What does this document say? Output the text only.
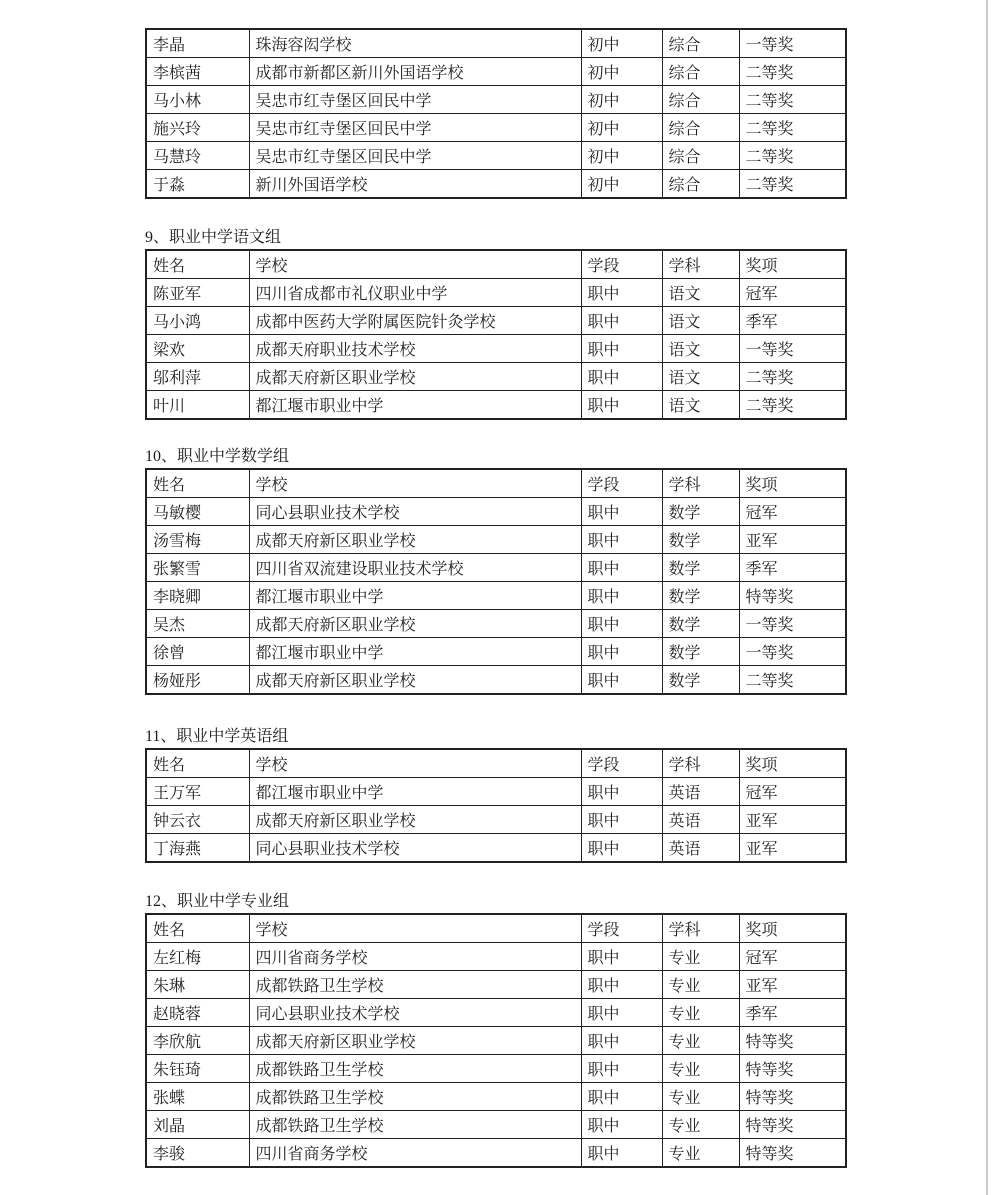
李晶	珠海容闳学校	初中	综合	一等奖
李槟茜	成都市新都区新川外国语学校	初中	综合	二等奖
马小林	吴忠市红寺堡区回民中学	初中	综合	二等奖
施兴玲	吴忠市红寺堡区回民中学	初中	综合	二等奖
马慧玲	吴忠市红寺堡区回民中学	初中	综合	二等奖
于淼	新川外国语学校	初中	综合	二等奖
9、职业中学语文组
姓名	学校	学段	学科	奖项
陈亚军	四川省成都市礼仪职业中学	职中	语文	冠军
马小鸿	成都中医药大学附属医院针灸学校	职中	语文	季军
梁欢	成都天府职业技术学校	职中	语文	一等奖
邬利萍	成都天府新区职业学校	职中	语文	二等奖
叶川	都江堰市职业中学	职中	语文	二等奖
10、职业中学数学组
姓名	学校	学段	学科	奖项
马敏樱	同心县职业技术学校	职中	数学	冠军
汤雪梅	成都天府新区职业学校	职中	数学	亚军
张繁雪	四川省双流建设职业技术学校	职中	数学	季军
李晓卿	都江堰市职业中学	职中	数学	特等奖
吴杰	成都天府新区职业学校	职中	数学	一等奖
徐曾	都江堰市职业中学	职中	数学	一等奖
杨娅彤	成都天府新区职业学校	职中	数学	二等奖
11、职业中学英语组
姓名	学校	学段	学科	奖项
王万军	都江堰市职业中学	职中	英语	冠军
钟云衣	成都天府新区职业学校	职中	英语	亚军
丁海燕	同心县职业技术学校	职中	英语	亚军
12、职业中学专业组
姓名	学校	学段	学科	奖项
左红梅	四川省商务学校	职中	专业	冠军
朱琳	成都铁路卫生学校	职中	专业	亚军
赵晓蓉	同心县职业技术学校	职中	专业	季军
李欣航	成都天府新区职业学校	职中	专业	特等奖
朱钰琦	成都铁路卫生学校	职中	专业	特等奖
张蝶	成都铁路卫生学校	职中	专业	特等奖
刘晶	成都铁路卫生学校	职中	专业	特等奖
李骏	四川省商务学校	职中	专业	特等奖
